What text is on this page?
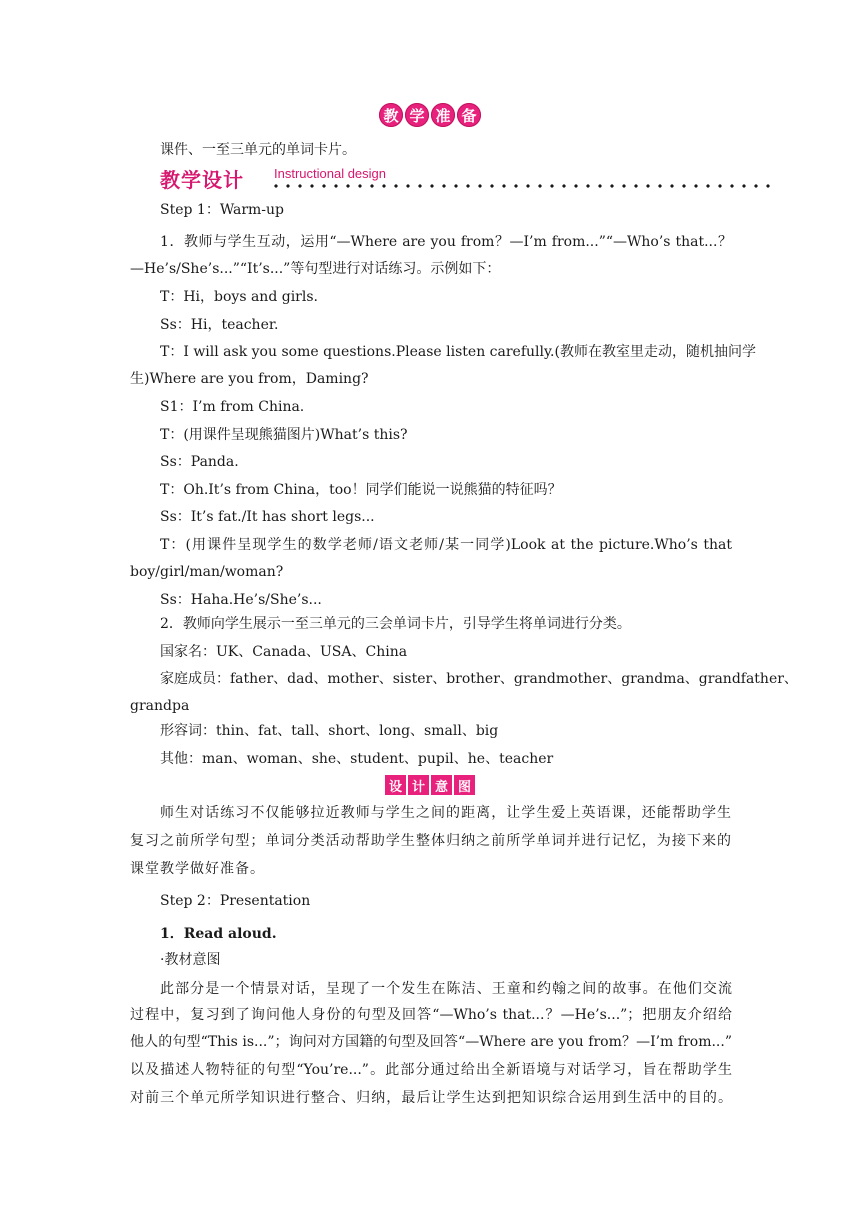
教 学 准 备
课件、一至三单元的单词卡片。
教学设计 Instructional design
Step 1：Warm-up
1．教师与学生互动，运用“—Where are you from？—I’m from...”“—Who’s that...？
—He’s/She’s...”“It’s...”等句型进行对话练习。示例如下：
T：Hi，boys and girls.
Ss：Hi，teacher.
T：I will ask you some questions.Please listen carefully.(教师在教室里走动，随机抽问学
生)Where are you from，Daming?
S1：I’m from China.
T：(用课件呈现熊猫图片)What’s this?
Ss：Panda.
T：Oh.It’s from China，too！同学们能说一说熊猫的特征吗？
Ss：It’s fat./It has short legs...
T：(用课件呈现学生的数学老师/语文老师/某一同学)Look at the picture.Who’s that
boy/girl/man/woman?
Ss：Haha.He’s/She’s...
2．教师向学生展示一至三单元的三会单词卡片，引导学生将单词进行分类。
国家名：UK、Canada、USA、China
家庭成员：father、dad、mother、sister、brother、grandmother、grandma、grandfather、
grandpa
形容词：thin、fat、tall、short、long、small、big
其他：man、woman、she、student、pupil、he、teacher
设 计 意 图
师生对话练习不仅能够拉近教师与学生之间的距离，让学生爱上英语课，还能帮助学生
复习之前所学句型；单词分类活动帮助学生整体归纳之前所学单词并进行记忆，为接下来的
课堂教学做好准备。
Step 2：Presentation
1．Read aloud.
·教材意图
此部分是一个情景对话，呈现了一个发生在陈洁、王童和约翰之间的故事。在他们交流
过程中，复习到了询问他人身份的句型及回答“—Who’s that...？—He’s...”；把朋友介绍给
他人的句型“This is...”；询问对方国籍的句型及回答“—Where are you from？—I’m from...”
以及描述人物特征的句型“You’re...”。此部分通过给出全新语境与对话学习，旨在帮助学生
对前三个单元所学知识进行整合、归纳，最后让学生达到把知识综合运用到生活中的目的。
